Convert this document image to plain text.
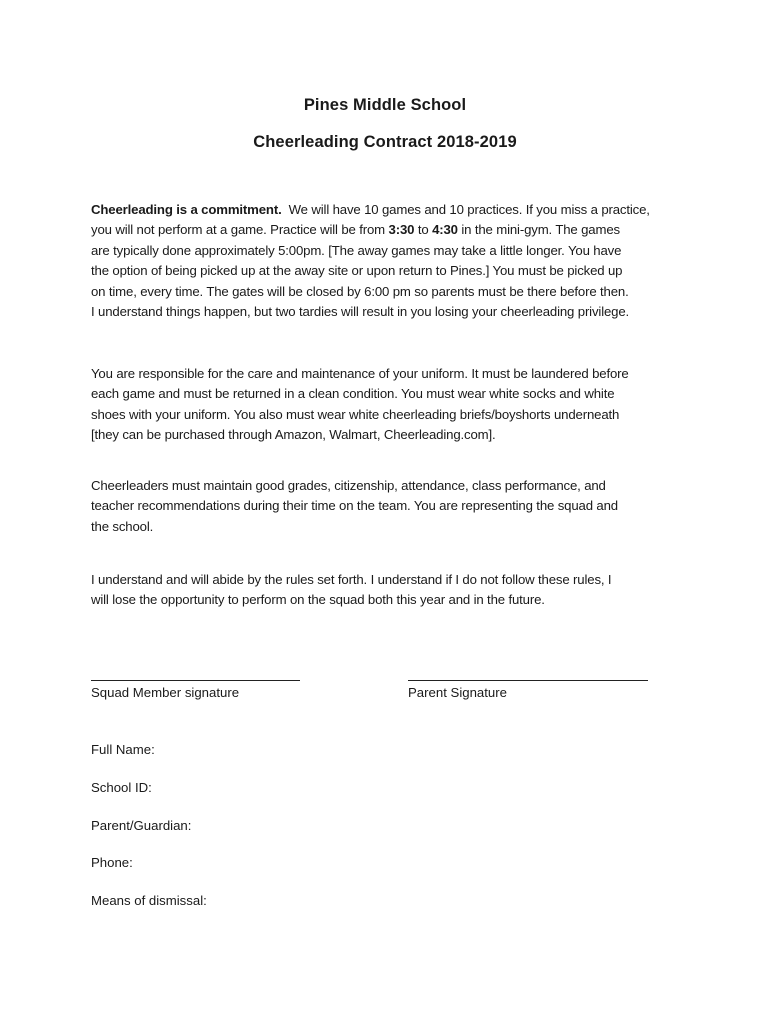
Pines Middle School
Cheerleading Contract 2018-2019
Cheerleading is a commitment. We will have 10 games and 10 practices. If you miss a practice,
you will not perform at a game. Practice will be from 3:30 to 4:30 in the mini-gym. The games
are typically done approximately 5:00pm. [The away games may take a little longer. You have
the option of being picked up at the away site or upon return to Pines.] You must be picked up
on time, every time. The gates will be closed by 6:00 pm so parents must be there before then.
I understand things happen, but two tardies will result in you losing your cheerleading privilege.
You are responsible for the care and maintenance of your uniform. It must be laundered before
each game and must be returned in a clean condition. You must wear white socks and white
shoes with your uniform. You also must wear white cheerleading briefs/boyshorts underneath
[they can be purchased through Amazon, Walmart, Cheerleading.com].
Cheerleaders must maintain good grades, citizenship, attendance, class performance, and
teacher recommendations during their time on the team. You are representing the squad and
the school.
I understand and will abide by the rules set forth. I understand if I do not follow these rules, I
will lose the opportunity to perform on the squad both this year and in the future.
Squad Member signature	Parent Signature
Full Name:
School ID:
Parent/Guardian:
Phone:
Means of dismissal:
